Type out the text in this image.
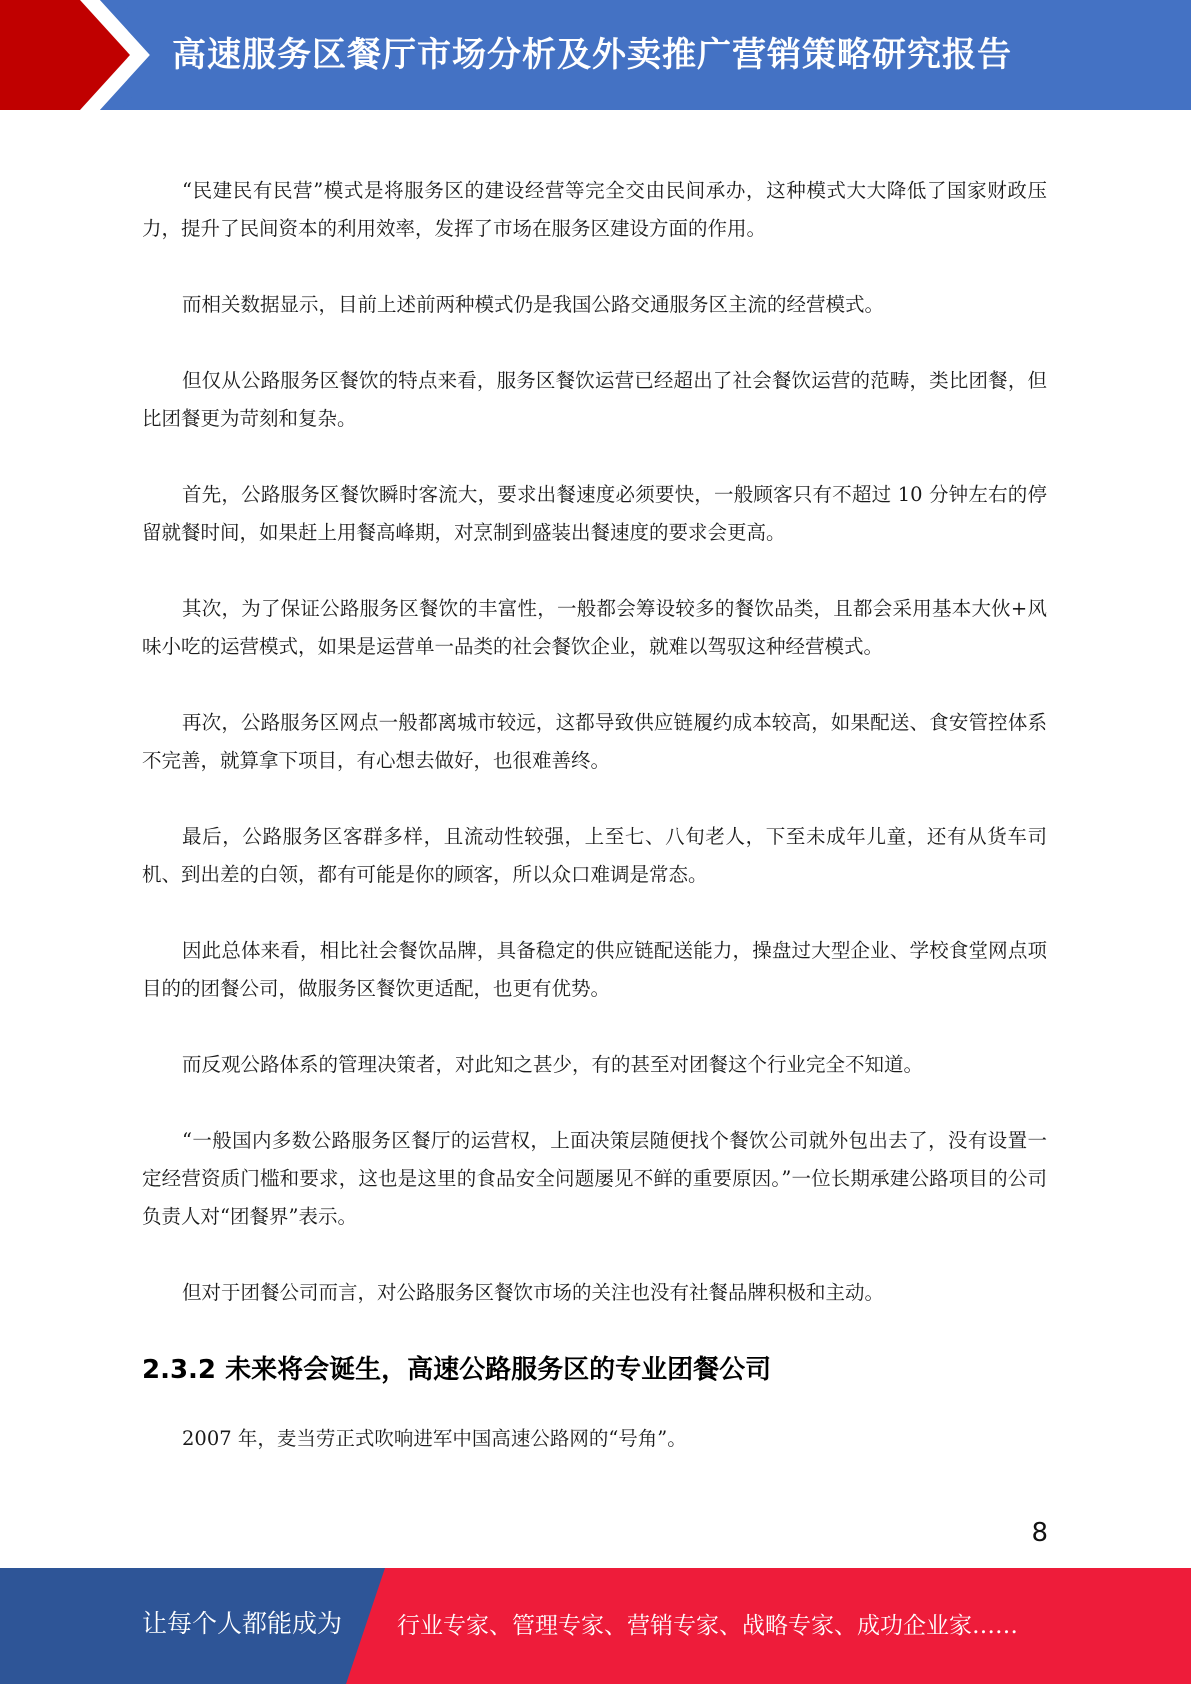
高速服务区餐厅市场分析及外卖推广营销策略研究报告

“民建民有民营”模式是将服务区的建设经营等完全交由民间承办，这种模式大大降低了国家财政压力，提升了民间资本的利用效率，发挥了市场在服务区建设方面的作用。

而相关数据显示，目前上述前两种模式仍是我国公路交通服务区主流的经营模式。

但仅从公路服务区餐饮的特点来看，服务区餐饮运营已经超出了社会餐饮运营的范畴，类比团餐，但比团餐更为苛刻和复杂。

首先，公路服务区餐饮瞬时客流大，要求出餐速度必须要快，一般顾客只有不超过 10 分钟左右的停留就餐时间，如果赶上用餐高峰期，对烹制到盛装出餐速度的要求会更高。

其次，为了保证公路服务区餐饮的丰富性，一般都会筹设较多的餐饮品类，且都会采用基本大伙+风味小吃的运营模式，如果是运营单一品类的社会餐饮企业，就难以驾驭这种经营模式。

再次，公路服务区网点一般都离城市较远，这都导致供应链履约成本较高，如果配送、食安管控体系不完善，就算拿下项目，有心想去做好，也很难善终。

最后，公路服务区客群多样，且流动性较强，上至七、八旬老人，下至未成年儿童，还有从货车司机、到出差的白领，都有可能是你的顾客，所以众口难调是常态。

因此总体来看，相比社会餐饮品牌，具备稳定的供应链配送能力，操盘过大型企业、学校食堂网点项目的的团餐公司，做服务区餐饮更适配，也更有优势。

而反观公路体系的管理决策者，对此知之甚少，有的甚至对团餐这个行业完全不知道。

“一般国内多数公路服务区餐厅的运营权，上面决策层随便找个餐饮公司就外包出去了，没有设置一定经营资质门槛和要求，这也是这里的食品安全问题屡见不鲜的重要原因。”一位长期承建公路项目的公司负责人对“团餐界”表示。

但对于团餐公司而言，对公路服务区餐饮市场的关注也没有社餐品牌积极和主动。

2.3.2 未来将会诞生，高速公路服务区的专业团餐公司

2007 年，麦当劳正式吹响进军中国高速公路网的“号角”。

8
让每个人都能成为 行业专家、管理专家、营销专家、战略专家、成功企业家……
